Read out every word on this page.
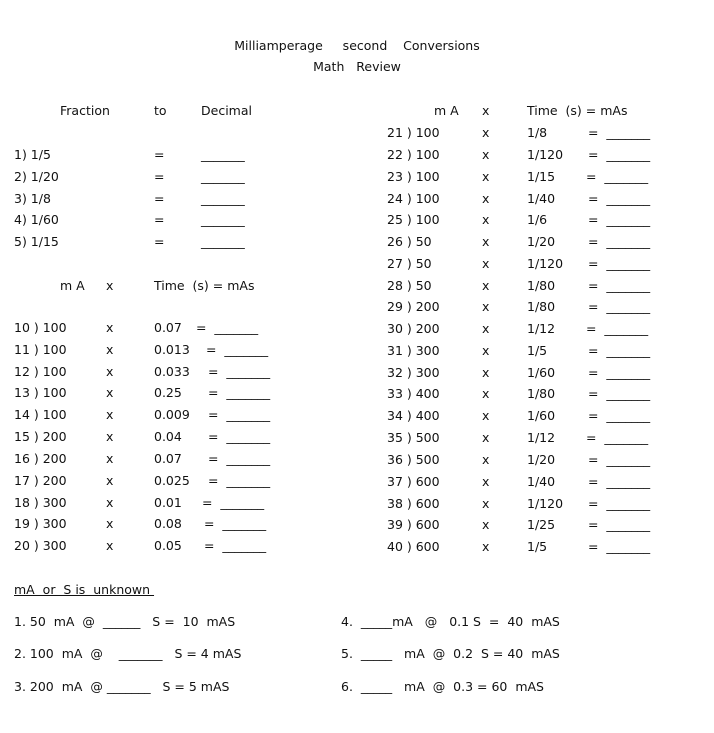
Milliamperage     second    Conversions
Math   Review
Fraction	to	Decimal
1) 1/5	=	_______
2) 1/20	=	_______
3) 1/8	=	_______
4) 1/60	=	_______
5) 1/15	=	_______
m A x	Time  (s) = mAs
10 ) 100	x	0.07 =  _______
11 ) 100	x	0.013 =  _______
12 ) 100	x	0.033 =  _______
13 ) 100	x	0.25 =  _______
14 ) 100	x	0.009 =  _______
15 ) 200	x	0.04 =  _______
16 ) 200	x	0.07 =  _______
17 ) 200	x	0.025 =  _______
18 ) 300	x	0.01 =  _______
19 ) 300	x	0.08 =  _______
20 ) 300	x	0.05 =  _______
m A x	Time  (s) = mAs
21 ) 100	x	1/8	=  _______
22 ) 100	x	1/120 =  _______
23 ) 100	x	1/15 =  _______
24 ) 100	x	1/40	=  _______
25 ) 100	x	1/6	=  _______
26 ) 50	x	1/20	=  _______
27 ) 50	x	1/120 =  _______
28 ) 50	x	1/80	=  _______
29 ) 200	x	1/80	=  _______
30 ) 200	x	1/12 =  _______
31 ) 300	x	1/5	=  _______
32 ) 300	x	1/60	=  _______
33 ) 400	x	1/80	=  _______
34 ) 400	x	1/60	=  _______
35 ) 500	x	1/12 =  _______
36 ) 500	x	1/20	=  _______
37 ) 600	x	1/40	=  _______
38 ) 600	x	1/120 =  _______
39 ) 600	x	1/25	=  _______
40 ) 600	x	1/5	=  _______
mA  or  S is  unknown
1. 50  mA  @  ______   S =  10  mAS
2. 100  mA  @    _______   S = 4 mAS
3. 200  mA  @ _______   S = 5 mAS
4.  _____mA   @   0.1 S  =  40  mAS
5.  _____   mA  @  0.2  S = 40  mAS
6.  _____   mA  @  0.3 = 60  mAS
